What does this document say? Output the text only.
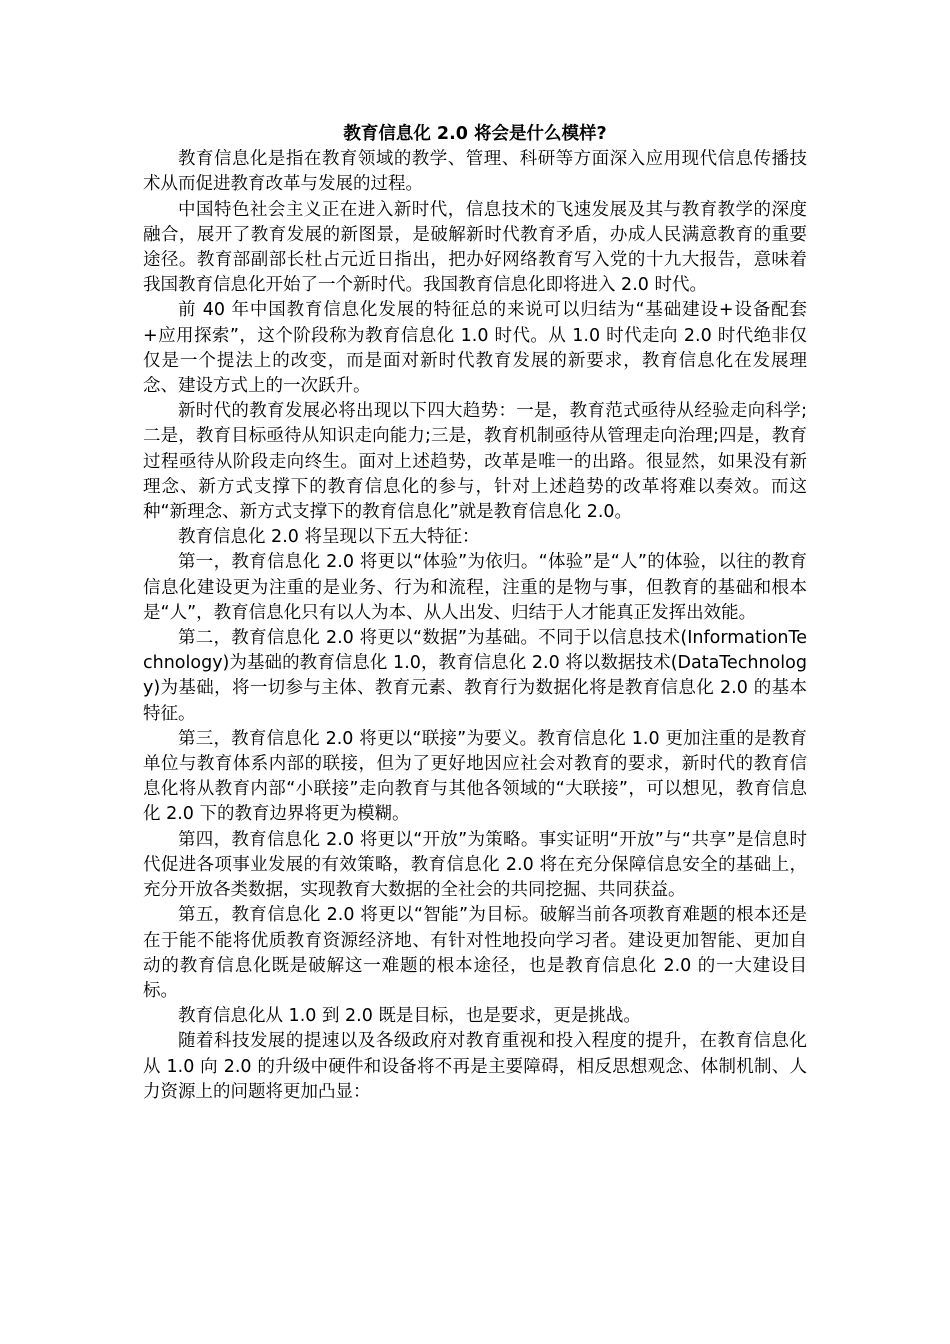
教育信息化 2.0 将会是什么模样?

教育信息化是指在教育领域的教学、管理、科研等方面深入应用现代信息传播技术从而促进教育改革与发展的过程。

中国特色社会主义正在进入新时代，信息技术的飞速发展及其与教育教学的深度融合，展开了教育发展的新图景，是破解新时代教育矛盾，办成人民满意教育的重要途径。教育部副部长杜占元近日指出，把办好网络教育写入党的十九大报告，意味着我国教育信息化开始了一个新时代。我国教育信息化即将进入 2.0 时代。

前 40 年中国教育信息化发展的特征总的来说可以归结为“基础建设+设备配套+应用探索”，这个阶段称为教育信息化 1.0 时代。从 1.0 时代走向 2.0 时代绝非仅仅是一个提法上的改变，而是面对新时代教育发展的新要求，教育信息化在发展理念、建设方式上的一次跃升。

新时代的教育发展必将出现以下四大趋势：一是，教育范式亟待从经验走向科学;二是，教育目标亟待从知识走向能力;三是，教育机制亟待从管理走向治理;四是，教育过程亟待从阶段走向终生。面对上述趋势，改革是唯一的出路。很显然，如果没有新理念、新方式支撑下的教育信息化的参与，针对上述趋势的改革将难以奏效。而这种“新理念、新方式支撑下的教育信息化”就是教育信息化 2.0。

教育信息化 2.0 将呈现以下五大特征：

第一，教育信息化 2.0 将更以“体验”为依归。“体验”是“人”的体验，以往的教育信息化建设更为注重的是业务、行为和流程，注重的是物与事，但教育的基础和根本是“人”，教育信息化只有以人为本、从人出发、归结于人才能真正发挥出效能。

第二，教育信息化 2.0 将更以“数据”为基础。不同于以信息技术(InformationTechnology)为基础的教育信息化 1.0，教育信息化 2.0 将以数据技术(DataTechnology)为基础，将一切参与主体、教育元素、教育行为数据化将是教育信息化 2.0 的基本特征。

第三，教育信息化 2.0 将更以“联接”为要义。教育信息化 1.0 更加注重的是教育单位与教育体系内部的联接，但为了更好地因应社会对教育的要求，新时代的教育信息化将从教育内部“小联接”走向教育与其他各领域的“大联接”，可以想见，教育信息化 2.0 下的教育边界将更为模糊。

第四，教育信息化 2.0 将更以“开放”为策略。事实证明“开放”与“共享”是信息时代促进各项事业发展的有效策略，教育信息化 2.0 将在充分保障信息安全的基础上，充分开放各类数据，实现教育大数据的全社会的共同挖掘、共同获益。

第五，教育信息化 2.0 将更以“智能”为目标。破解当前各项教育难题的根本还是在于能不能将优质教育资源经济地、有针对性地投向学习者。建设更加智能、更加自动的教育信息化既是破解这一难题的根本途径，也是教育信息化 2.0 的一大建设目标。

教育信息化从 1.0 到 2.0 既是目标，也是要求，更是挑战。

随着科技发展的提速以及各级政府对教育重视和投入程度的提升，在教育信息化从 1.0 向 2.0 的升级中硬件和设备将不再是主要障碍，相反思想观念、体制机制、人力资源上的问题将更加凸显：
